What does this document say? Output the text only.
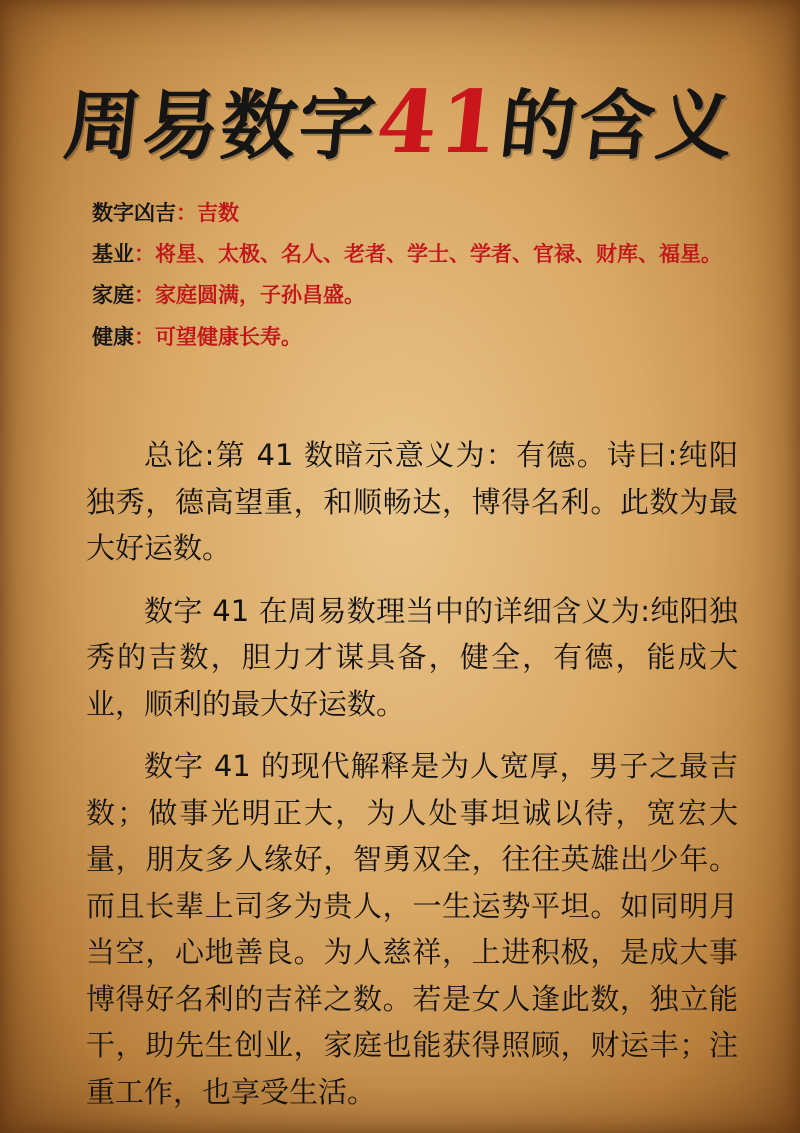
周易数字41的含义
数字凶吉：吉数
基业：将星、太极、名人、老者、学士、学者、官禄、财库、福星。
家庭：家庭圆满，子孙昌盛。
健康：可望健康长寿。

总论:第 41 数暗示意义为：有德。诗曰:纯阳独秀，德高望重，和顺畅达，博得名利。此数为最大好运数。

数字 41 在周易数理当中的详细含义为:纯阳独秀的吉数，胆力才谋具备，健全，有德，能成大业，顺利的最大好运数。

数字 41 的现代解释是为人宽厚，男子之最吉数；做事光明正大，为人处事坦诚以待，宽宏大量，朋友多人缘好，智勇双全，往往英雄出少年。而且长辈上司多为贵人，一生运势平坦。如同明月当空，心地善良。为人慈祥，上进积极，是成大事博得好名利的吉祥之数。若是女人逢此数，独立能干，助先生创业，家庭也能获得照顾，财运丰；注重工作，也享受生活。
